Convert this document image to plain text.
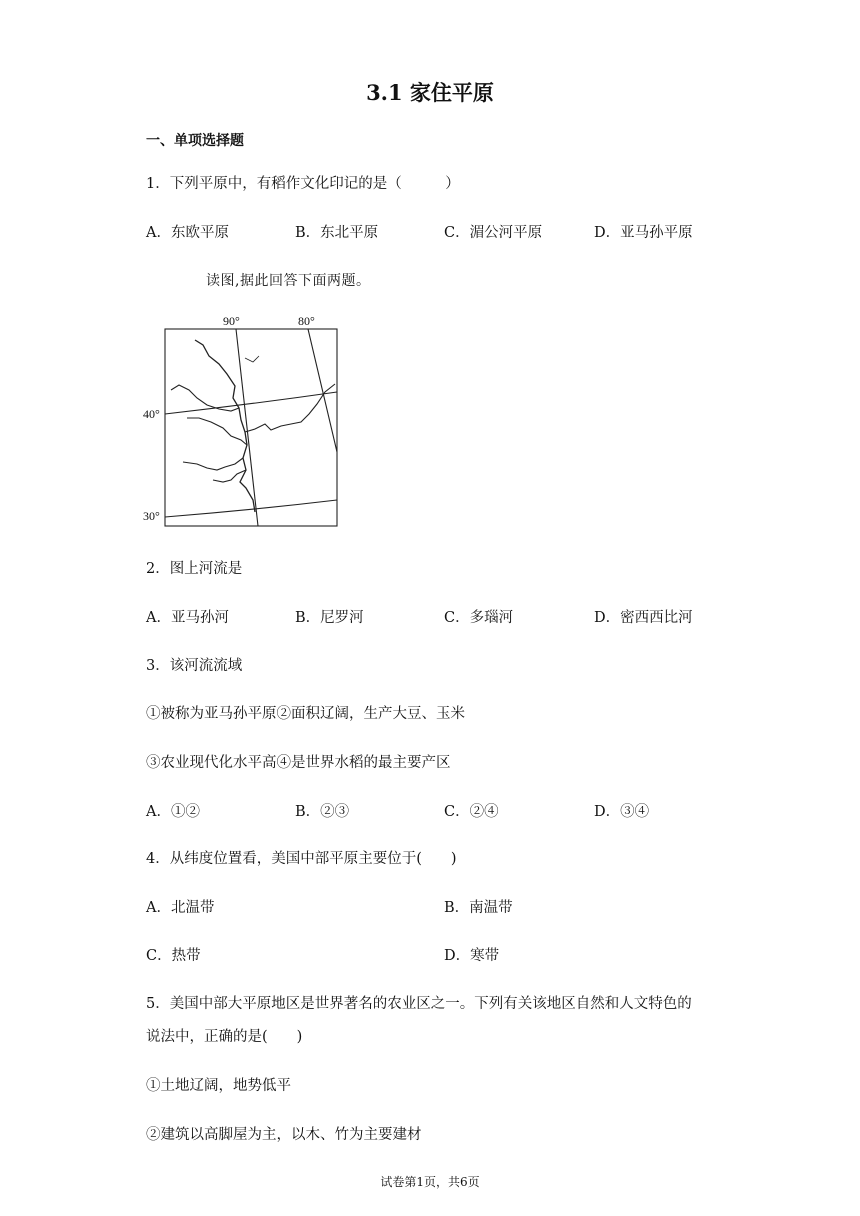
3.1 家住平原
一、单项选择题
1．下列平原中，有稻作文化印记的是（　　　）
A．东欧平原	B．东北平原	C．湄公河平原	D．亚马孙平原
读图,据此回答下面两题。
90°	80°
40°
30°
2．图上河流是
A．亚马孙河	B．尼罗河	C．多瑙河	D．密西西比河
3．该河流流域
①被称为亚马孙平原②面积辽阔，生产大豆、玉米
③农业现代化水平高④是世界水稻的最主要产区
A．①②	B．②③	C．②④	D．③④
4．从纬度位置看，美国中部平原主要位于(　　)
A．北温带	B．南温带
C．热带	D．寒带
5．美国中部大平原地区是世界著名的农业区之一。下列有关该地区自然和人文特色的
说法中，正确的是(　　)
①土地辽阔，地势低平
②建筑以高脚屋为主，以木、竹为主要建材
试卷第1页，共6页
